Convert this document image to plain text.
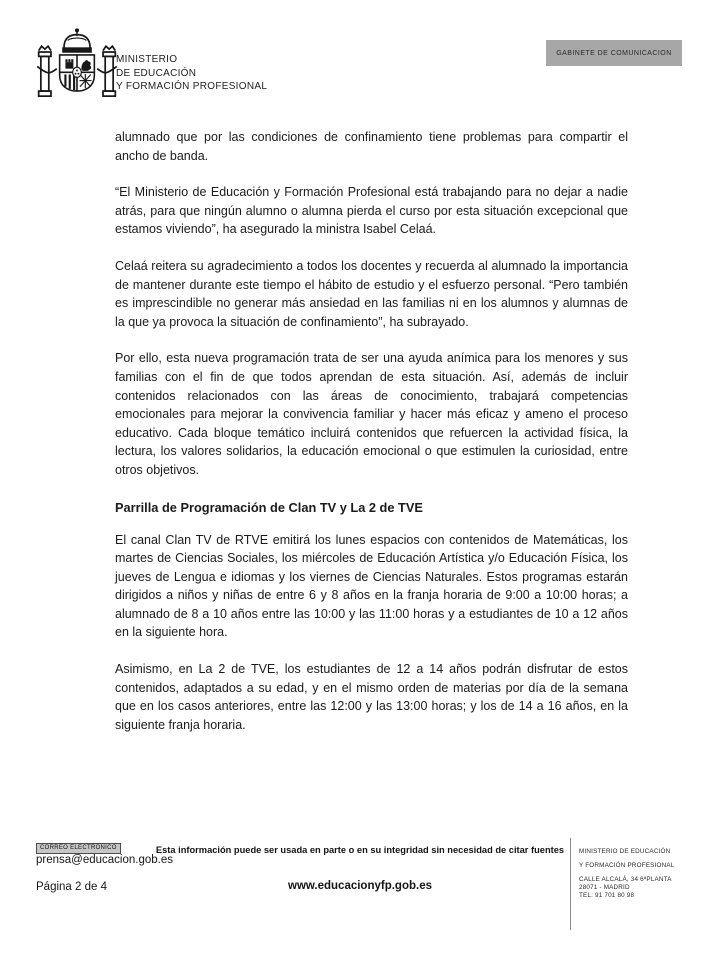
MINISTERIO
DE EDUCACIÓN
Y FORMACIÓN PROFESIONAL
GABINETE DE COMUNICACION

alumnado que por las condiciones de confinamiento tiene problemas para compartir el ancho de banda.

“El Ministerio de Educación y Formación Profesional está trabajando para no dejar a nadie atrás, para que ningún alumno o alumna pierda el curso por esta situación excepcional que estamos viviendo”, ha asegurado la ministra Isabel Celaá.

Celaá reitera su agradecimiento a todos los docentes y recuerda al alumnado la importancia de mantener durante este tiempo el hábito de estudio y el esfuerzo personal. “Pero también es imprescindible no generar más ansiedad en las familias ni en los alumnos y alumnas de la que ya provoca la situación de confinamiento”, ha subrayado.

Por ello, esta nueva programación trata de ser una ayuda anímica para los menores y sus familias con el fin de que todos aprendan de esta situación. Así, además de incluir contenidos relacionados con las áreas de conocimiento, trabajará competencias emocionales para mejorar la convivencia familiar y hacer más eficaz y ameno el proceso educativo. Cada bloque temático incluirá contenidos que refuercen la actividad física, la lectura, los valores solidarios, la educación emocional o que estimulen la curiosidad, entre otros objetivos.

Parrilla de Programación de Clan TV y La 2 de TVE

El canal Clan TV de RTVE emitirá los lunes espacios con contenidos de Matemáticas, los martes de Ciencias Sociales, los miércoles de Educación Artística y/o Educación Física, los jueves de Lengua e idiomas y los viernes de Ciencias Naturales. Estos programas estarán dirigidos a niños y niñas de entre 6 y 8 años en la franja horaria de 9:00 a 10:00 horas; a alumnado de 8 a 10 años entre las 10:00 y las 11:00 horas y a estudiantes de 10 a 12 años en la siguiente hora.

Asimismo, en La 2 de TVE, los estudiantes de 12 a 14 años podrán disfrutar de estos contenidos, adaptados a su edad, y en el mismo orden de materias por día de la semana que en los casos anteriores, entre las 12:00 y las 13:00 horas; y los de 14 a 16 años, en la siguiente franja horaria.

CORREO ELECTRÓNICO
prensa@educacion.gob.es
Página 2 de 4
Esta información puede ser usada en parte o en su integridad sin necesidad de citar fuentes
www.educacionyfp.gob.es
MINISTERIO DE EDUCACIÓN
Y FORMACIÓN PROFESIONAL
CALLE ALCALÁ, 34 6ªPLANTA
28071 - MADRID
TEL: 91 701 80 98
